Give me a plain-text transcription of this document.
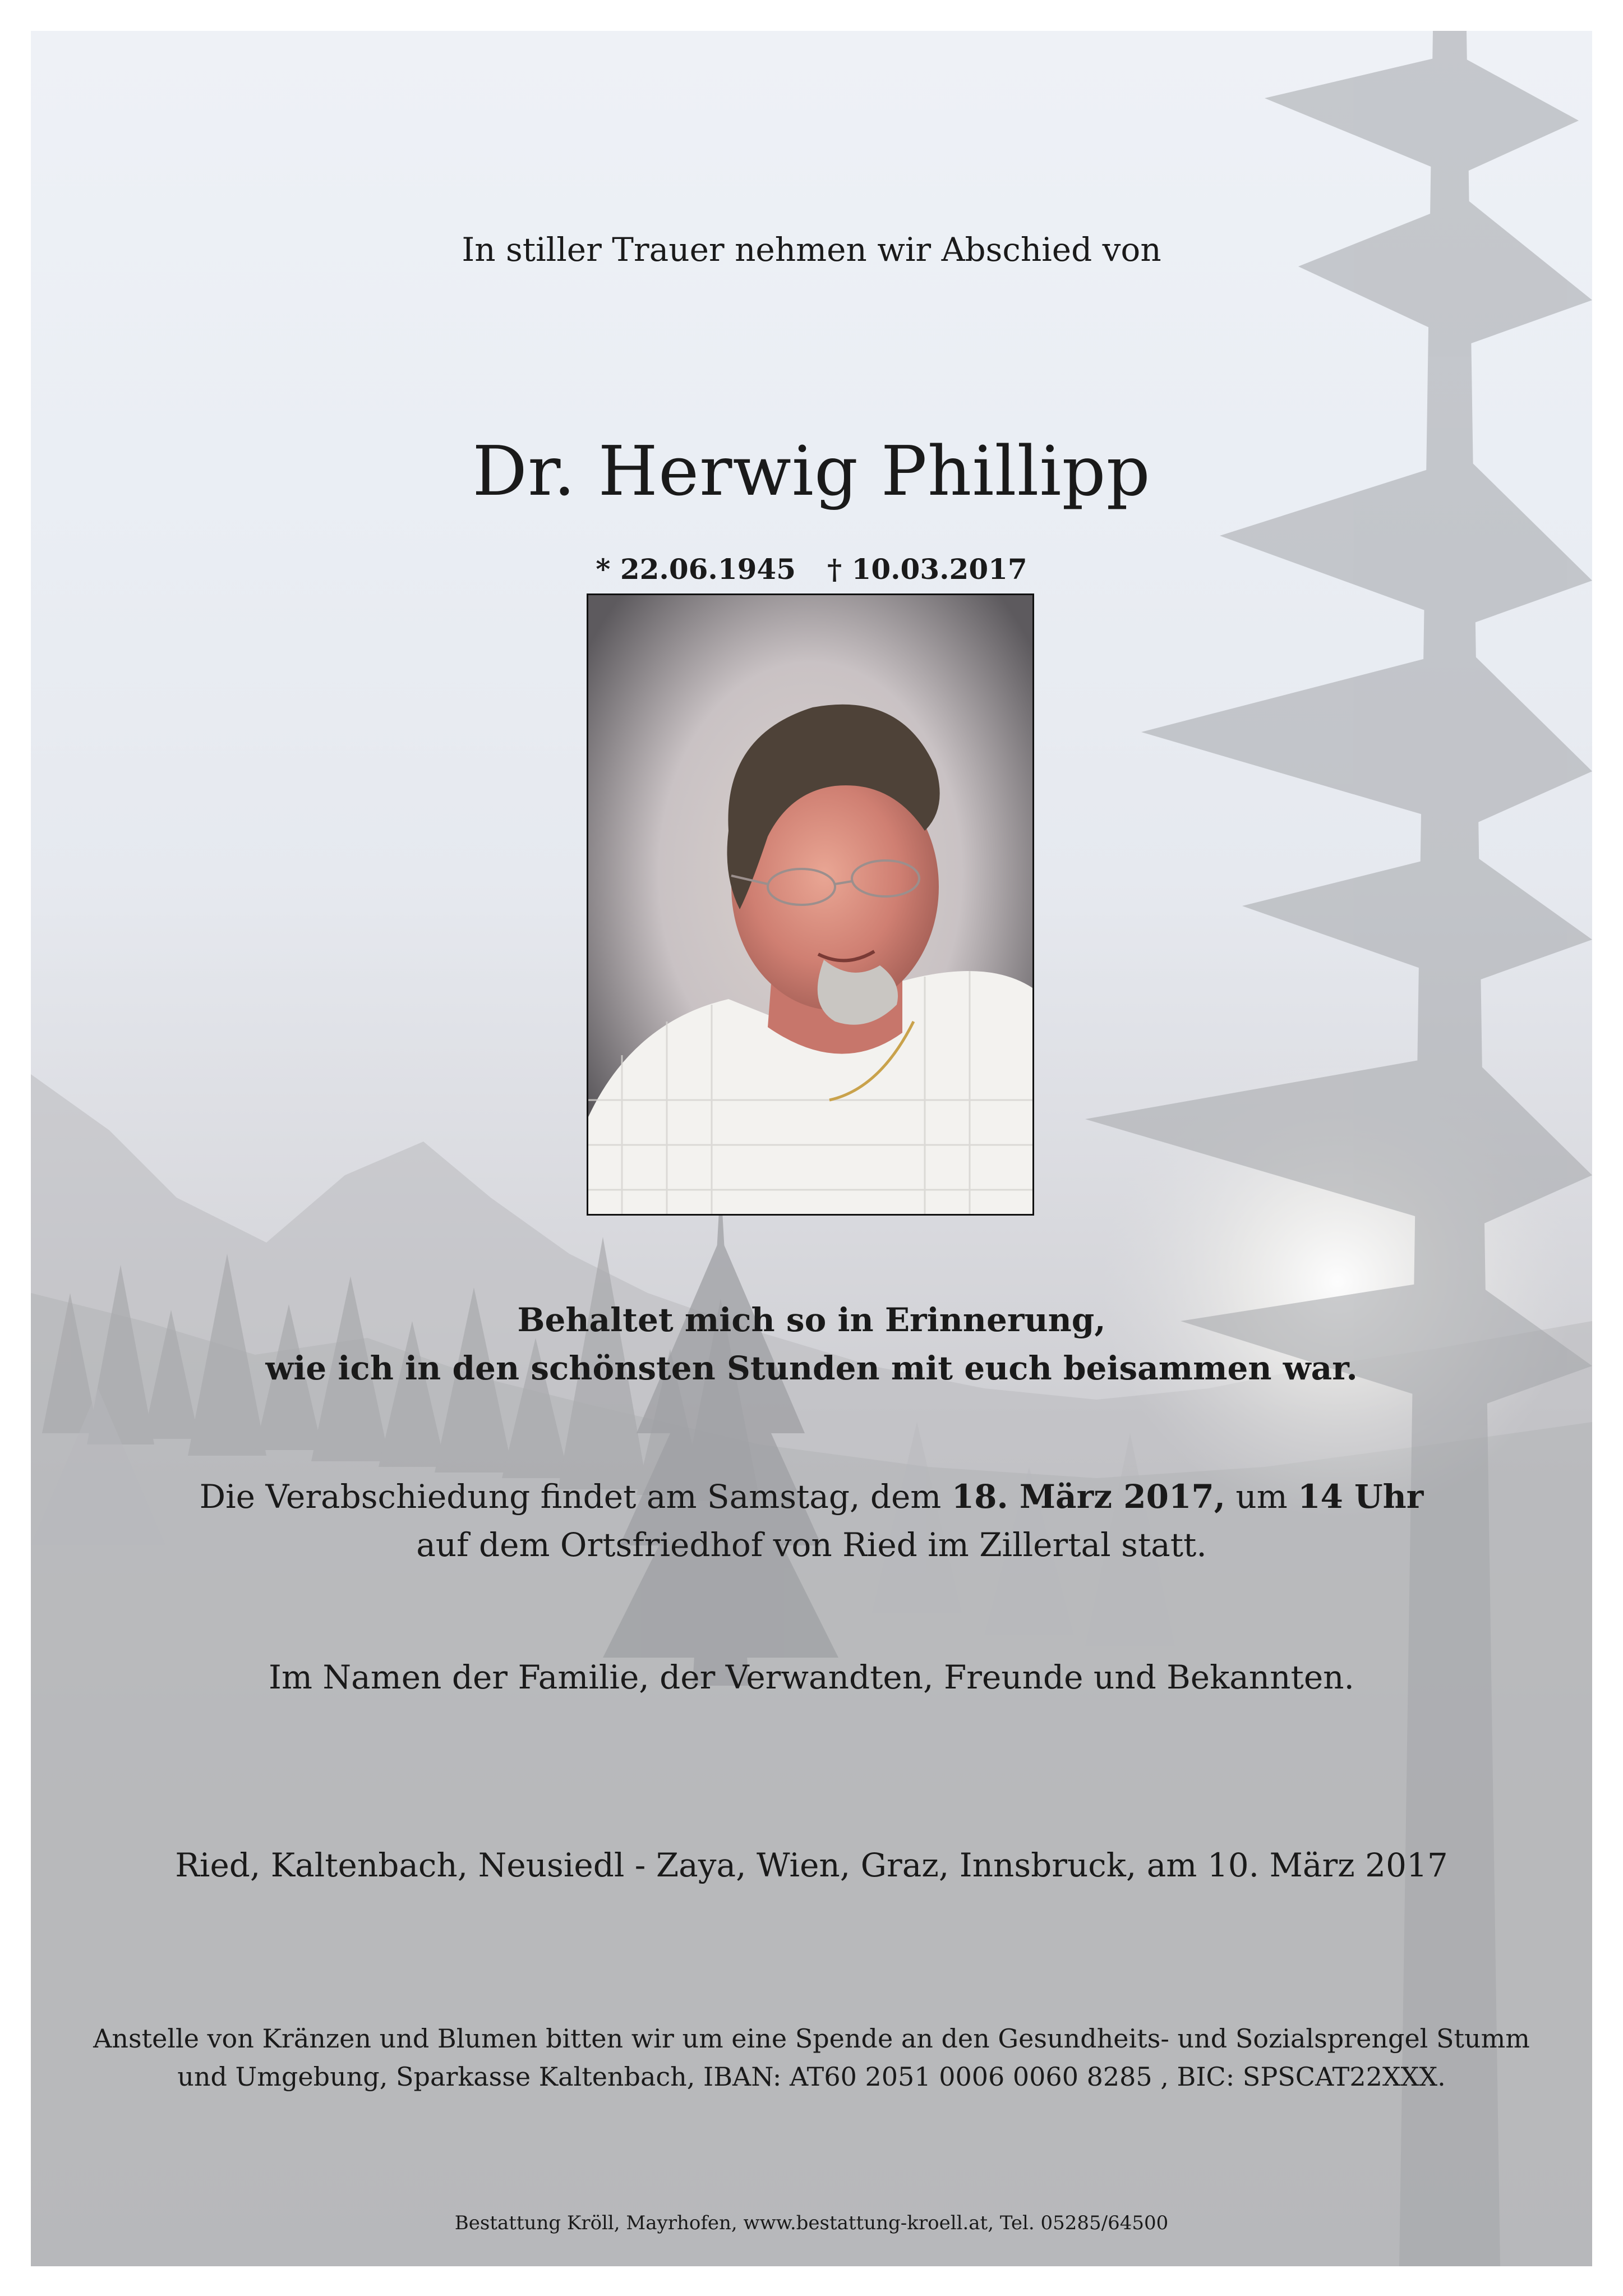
In stiller Trauer nehmen wir Abschied von

Dr. Herwig Phillipp

* 22.06.1945 † 10.03.2017

Behaltet mich so in Erinnerung,
wie ich in den schönsten Stunden mit euch beisammen war.
Die Verabschiedung findet am Samstag, dem 18. März 2017, um 14 Uhr
auf dem Ortsfriedhof von Ried im Zillertal statt.

Im Namen der Familie, der Verwandten, Freunde und Bekannten.

Ried, Kaltenbach, Neusiedl - Zaya, Wien, Graz, Innsbruck, am 10. März 2017

Anstelle von Kränzen und Blumen bitten wir um eine Spende an den Gesundheits- und Sozialsprengel Stumm
und Umgebung, Sparkasse Kaltenbach, IBAN: AT60 2051 0006 0060 8285 , BIC: SPSCAT22XXX.

Bestattung Kröll, Mayrhofen, www.bestattung-kroell.at, Tel. 05285/64500
